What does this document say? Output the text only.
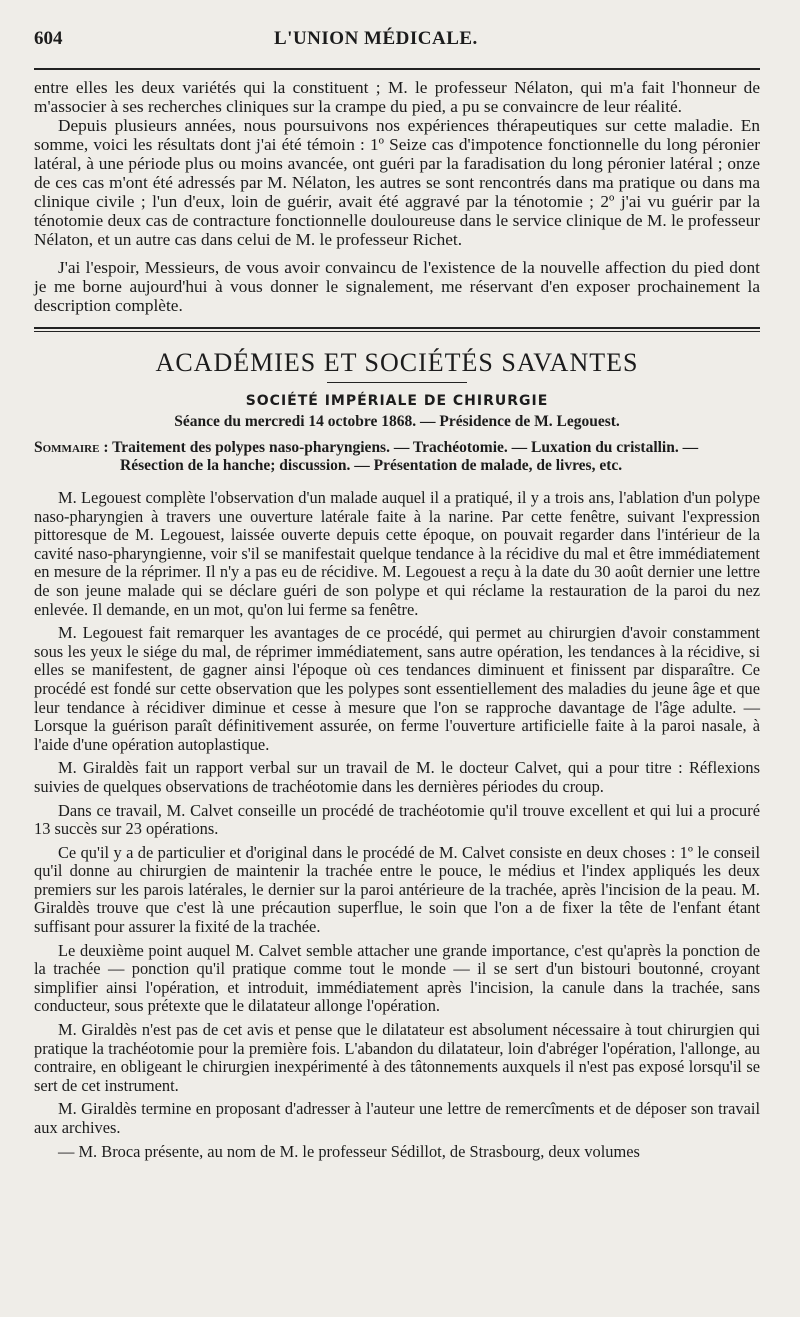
604	L'UNION MÉDICALE.

entre elles les deux variétés qui la constituent ; M. le professeur Nélaton, qui m'a fait l'honneur de m'associer à ses recherches cliniques sur la crampe du pied, a pu se convaincre de leur réalité.

Depuis plusieurs années, nous poursuivons nos expériences thérapeutiques sur cette maladie. En somme, voici les résultats dont j'ai été témoin : 1º Seize cas d'impotence fonctionnelle du long péronier latéral, à une période plus ou moins avancée, ont guéri par la faradisation du long péronier latéral ; onze de ces cas m'ont été adressés par M. Nélaton, les autres se sont rencontrés dans ma pratique ou dans ma clinique civile ; l'un d'eux, loin de guérir, avait été aggravé par la ténotomie ; 2º j'ai vu guérir par la ténotomie deux cas de contracture fonctionnelle douloureuse dans le service clinique de M. le professeur Nélaton, et un autre cas dans celui de M. le professeur Richet.

J'ai l'espoir, Messieurs, de vous avoir convaincu de l'existence de la nouvelle affection du pied dont je me borne aujourd'hui à vous donner le signalement, me réservant d'en exposer prochainement la description complète.

ACADÉMIES ET SOCIÉTÉS SAVANTES
SOCIÉTÉ IMPÉRIALE DE CHIRURGIE
Séance du mercredi 14 octobre 1868. — Présidence de M. Legouest.
Sommaire : Traitement des polypes naso-pharyngiens. — Trachéotomie. — Luxation du cristallin. —
Résection de la hanche; discussion. — Présentation de malade, de livres, etc.

M. Legouest complète l'observation d'un malade auquel il a pratiqué, il y a trois ans, l'ablation d'un polype naso-pharyngien à travers une ouverture latérale faite à la narine. Par cette fenêtre, suivant l'expression pittoresque de M. Legouest, laissée ouverte depuis cette époque, on pouvait regarder dans l'intérieur de la cavité naso-pharyngienne, voir s'il se manifestait quelque tendance à la récidive du mal et être immédiatement en mesure de la réprimer. Il n'y a pas eu de récidive. M. Legouest a reçu à la date du 30 août dernier une lettre de son jeune malade qui se déclare guéri de son polype et qui réclame la restauration de la paroi du nez enlevée. Il demande, en un mot, qu'on lui ferme sa fenêtre.

M. Legouest fait remarquer les avantages de ce procédé, qui permet au chirurgien d'avoir constamment sous les yeux le siége du mal, de réprimer immédiatement, sans autre opération, les tendances à la récidive, si elles se manifestent, de gagner ainsi l'époque où ces tendances diminuent et finissent par disparaître. Ce procédé est fondé sur cette observation que les polypes sont essentiellement des maladies du jeune âge et que leur tendance à récidiver diminue et cesse à mesure que l'on se rapproche davantage de l'âge adulte. — Lorsque la guérison paraît définitivement assurée, on ferme l'ouverture artificielle faite à la paroi nasale, à l'aide d'une opération autoplastique.

M. Giraldès fait un rapport verbal sur un travail de M. le docteur Calvet, qui a pour titre : Réflexions suivies de quelques observations de trachéotomie dans les dernières périodes du croup.

Dans ce travail, M. Calvet conseille un procédé de trachéotomie qu'il trouve excellent et qui lui a procuré 13 succès sur 23 opérations.

Ce qu'il y a de particulier et d'original dans le procédé de M. Calvet consiste en deux choses : 1º le conseil qu'il donne au chirurgien de maintenir la trachée entre le pouce, le médius et l'index appliqués les deux premiers sur les parois latérales, le dernier sur la paroi antérieure de la trachée, après l'incision de la peau. M. Giraldès trouve que c'est là une précaution superflue, le soin que l'on a de fixer la tête de l'enfant étant suffisant pour assurer la fixité de la trachée.

Le deuxième point auquel M. Calvet semble attacher une grande importance, c'est qu'après la ponction de la trachée — ponction qu'il pratique comme tout le monde — il se sert d'un bistouri boutonné, croyant simplifier ainsi l'opération, et introduit, immédiatement après l'incision, la canule dans la trachée, sans conducteur, sous prétexte que le dilatateur allonge l'opération.

M. Giraldès n'est pas de cet avis et pense que le dilatateur est absolument nécessaire à tout chirurgien qui pratique la trachéotomie pour la première fois. L'abandon du dilatateur, loin d'abréger l'opération, l'allonge, au contraire, en obligeant le chirurgien inexpérimenté à des tâtonnements auxquels il n'est pas exposé lorsqu'il se sert de cet instrument.

M. Giraldès termine en proposant d'adresser à l'auteur une lettre de remercîments et de déposer son travail aux archives.

— M. Broca présente, au nom de M. le professeur Sédillot, de Strasbourg, deux volumes
